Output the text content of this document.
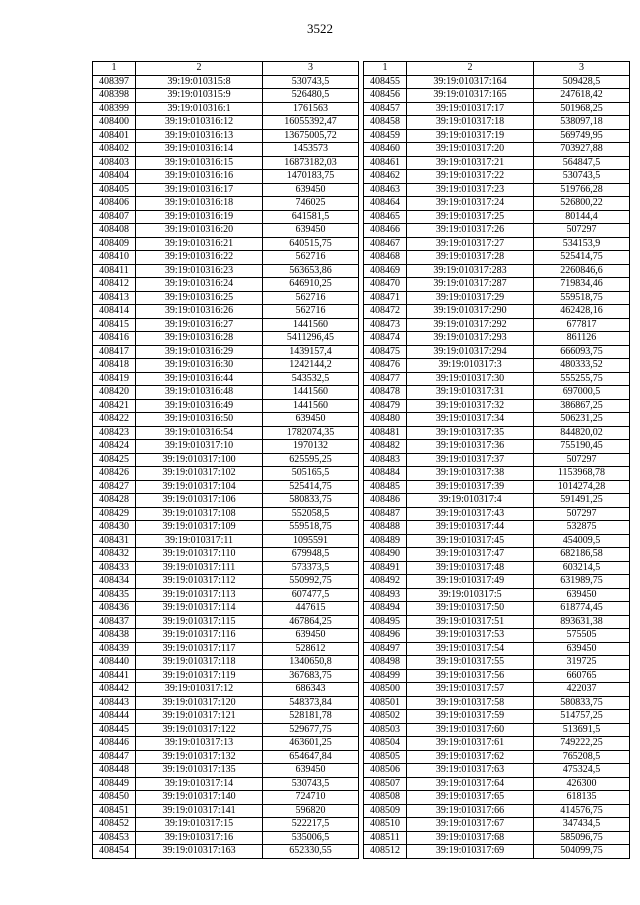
3522
1	2	3
408397	39:19:010315:8	530743,5
408398	39:19:010315:9	526480,5
408399	39:19:010316:1	1761563
408400	39:19:010316:12	16055392,47
408401	39:19:010316:13	13675005,72
408402	39:19:010316:14	1453573
408403	39:19:010316:15	16873182,03
408404	39:19:010316:16	1470183,75
408405	39:19:010316:17	639450
408406	39:19:010316:18	746025
408407	39:19:010316:19	641581,5
408408	39:19:010316:20	639450
408409	39:19:010316:21	640515,75
408410	39:19:010316:22	562716
408411	39:19:010316:23	563653,86
408412	39:19:010316:24	646910,25
408413	39:19:010316:25	562716
408414	39:19:010316:26	562716
408415	39:19:010316:27	1441560
408416	39:19:010316:28	5411296,45
408417	39:19:010316:29	1439157,4
408418	39:19:010316:30	1242144,2
408419	39:19:010316:44	543532,5
408420	39:19:010316:48	1441560
408421	39:19:010316:49	1441560
408422	39:19:010316:50	639450
408423	39:19:010316:54	1782074,35
408424	39:19:010317:10	1970132
408425	39:19:010317:100	625595,25
408426	39:19:010317:102	505165,5
408427	39:19:010317:104	525414,75
408428	39:19:010317:106	580833,75
408429	39:19:010317:108	552058,5
408430	39:19:010317:109	559518,75
408431	39:19:010317:11	1095591
408432	39:19:010317:110	679948,5
408433	39:19:010317:111	573373,5
408434	39:19:010317:112	550992,75
408435	39:19:010317:113	607477,5
408436	39:19:010317:114	447615
408437	39:19:010317:115	467864,25
408438	39:19:010317:116	639450
408439	39:19:010317:117	528612
408440	39:19:010317:118	1340650,8
408441	39:19:010317:119	367683,75
408442	39:19:010317:12	686343
408443	39:19:010317:120	548373,84
408444	39:19:010317:121	528181,78
408445	39:19:010317:122	529677,75
408446	39:19:010317:13	463601,25
408447	39:19:010317:132	654647,84
408448	39:19:010317:135	639450
408449	39:19:010317:14	530743,5
408450	39:19:010317:140	724710
408451	39:19:010317:141	596820
408452	39:19:010317:15	522217,5
408453	39:19:010317:16	535006,5
408454	39:19:010317:163	652330,55
1	2	3
408455	39:19:010317:164	509428,5
408456	39:19:010317:165	247618,42
408457	39:19:010317:17	501968,25
408458	39:19:010317:18	538097,18
408459	39:19:010317:19	569749,95
408460	39:19:010317:20	703927,88
408461	39:19:010317:21	564847,5
408462	39:19:010317:22	530743,5
408463	39:19:010317:23	519766,28
408464	39:19:010317:24	526800,22
408465	39:19:010317:25	80144,4
408466	39:19:010317:26	507297
408467	39:19:010317:27	534153,9
408468	39:19:010317:28	525414,75
408469	39:19:010317:283	2260846,6
408470	39:19:010317:287	719834,46
408471	39:19:010317:29	559518,75
408472	39:19:010317:290	462428,16
408473	39:19:010317:292	677817
408474	39:19:010317:293	861126
408475	39:19:010317:294	666093,75
408476	39:19:010317:3	480333,52
408477	39:19:010317:30	555255,75
408478	39:19:010317:31	697000,5
408479	39:19:010317:32	386867,25
408480	39:19:010317:34	506231,25
408481	39:19:010317:35	844820,02
408482	39:19:010317:36	755190,45
408483	39:19:010317:37	507297
408484	39:19:010317:38	1153968,78
408485	39:19:010317:39	1014274,28
408486	39:19:010317:4	591491,25
408487	39:19:010317:43	507297
408488	39:19:010317:44	532875
408489	39:19:010317:45	454009,5
408490	39:19:010317:47	682186,58
408491	39:19:010317:48	603214,5
408492	39:19:010317:49	631989,75
408493	39:19:010317:5	639450
408494	39:19:010317:50	618774,45
408495	39:19:010317:51	893631,38
408496	39:19:010317:53	575505
408497	39:19:010317:54	639450
408498	39:19:010317:55	319725
408499	39:19:010317:56	660765
408500	39:19:010317:57	422037
408501	39:19:010317:58	580833,75
408502	39:19:010317:59	514757,25
408503	39:19:010317:60	513691,5
408504	39:19:010317:61	749222,25
408505	39:19:010317:62	765208,5
408506	39:19:010317:63	475324,5
408507	39:19:010317:64	426300
408508	39:19:010317:65	618135
408509	39:19:010317:66	414576,75
408510	39:19:010317:67	347434,5
408511	39:19:010317:68	585096,75
408512	39:19:010317:69	504099,75
